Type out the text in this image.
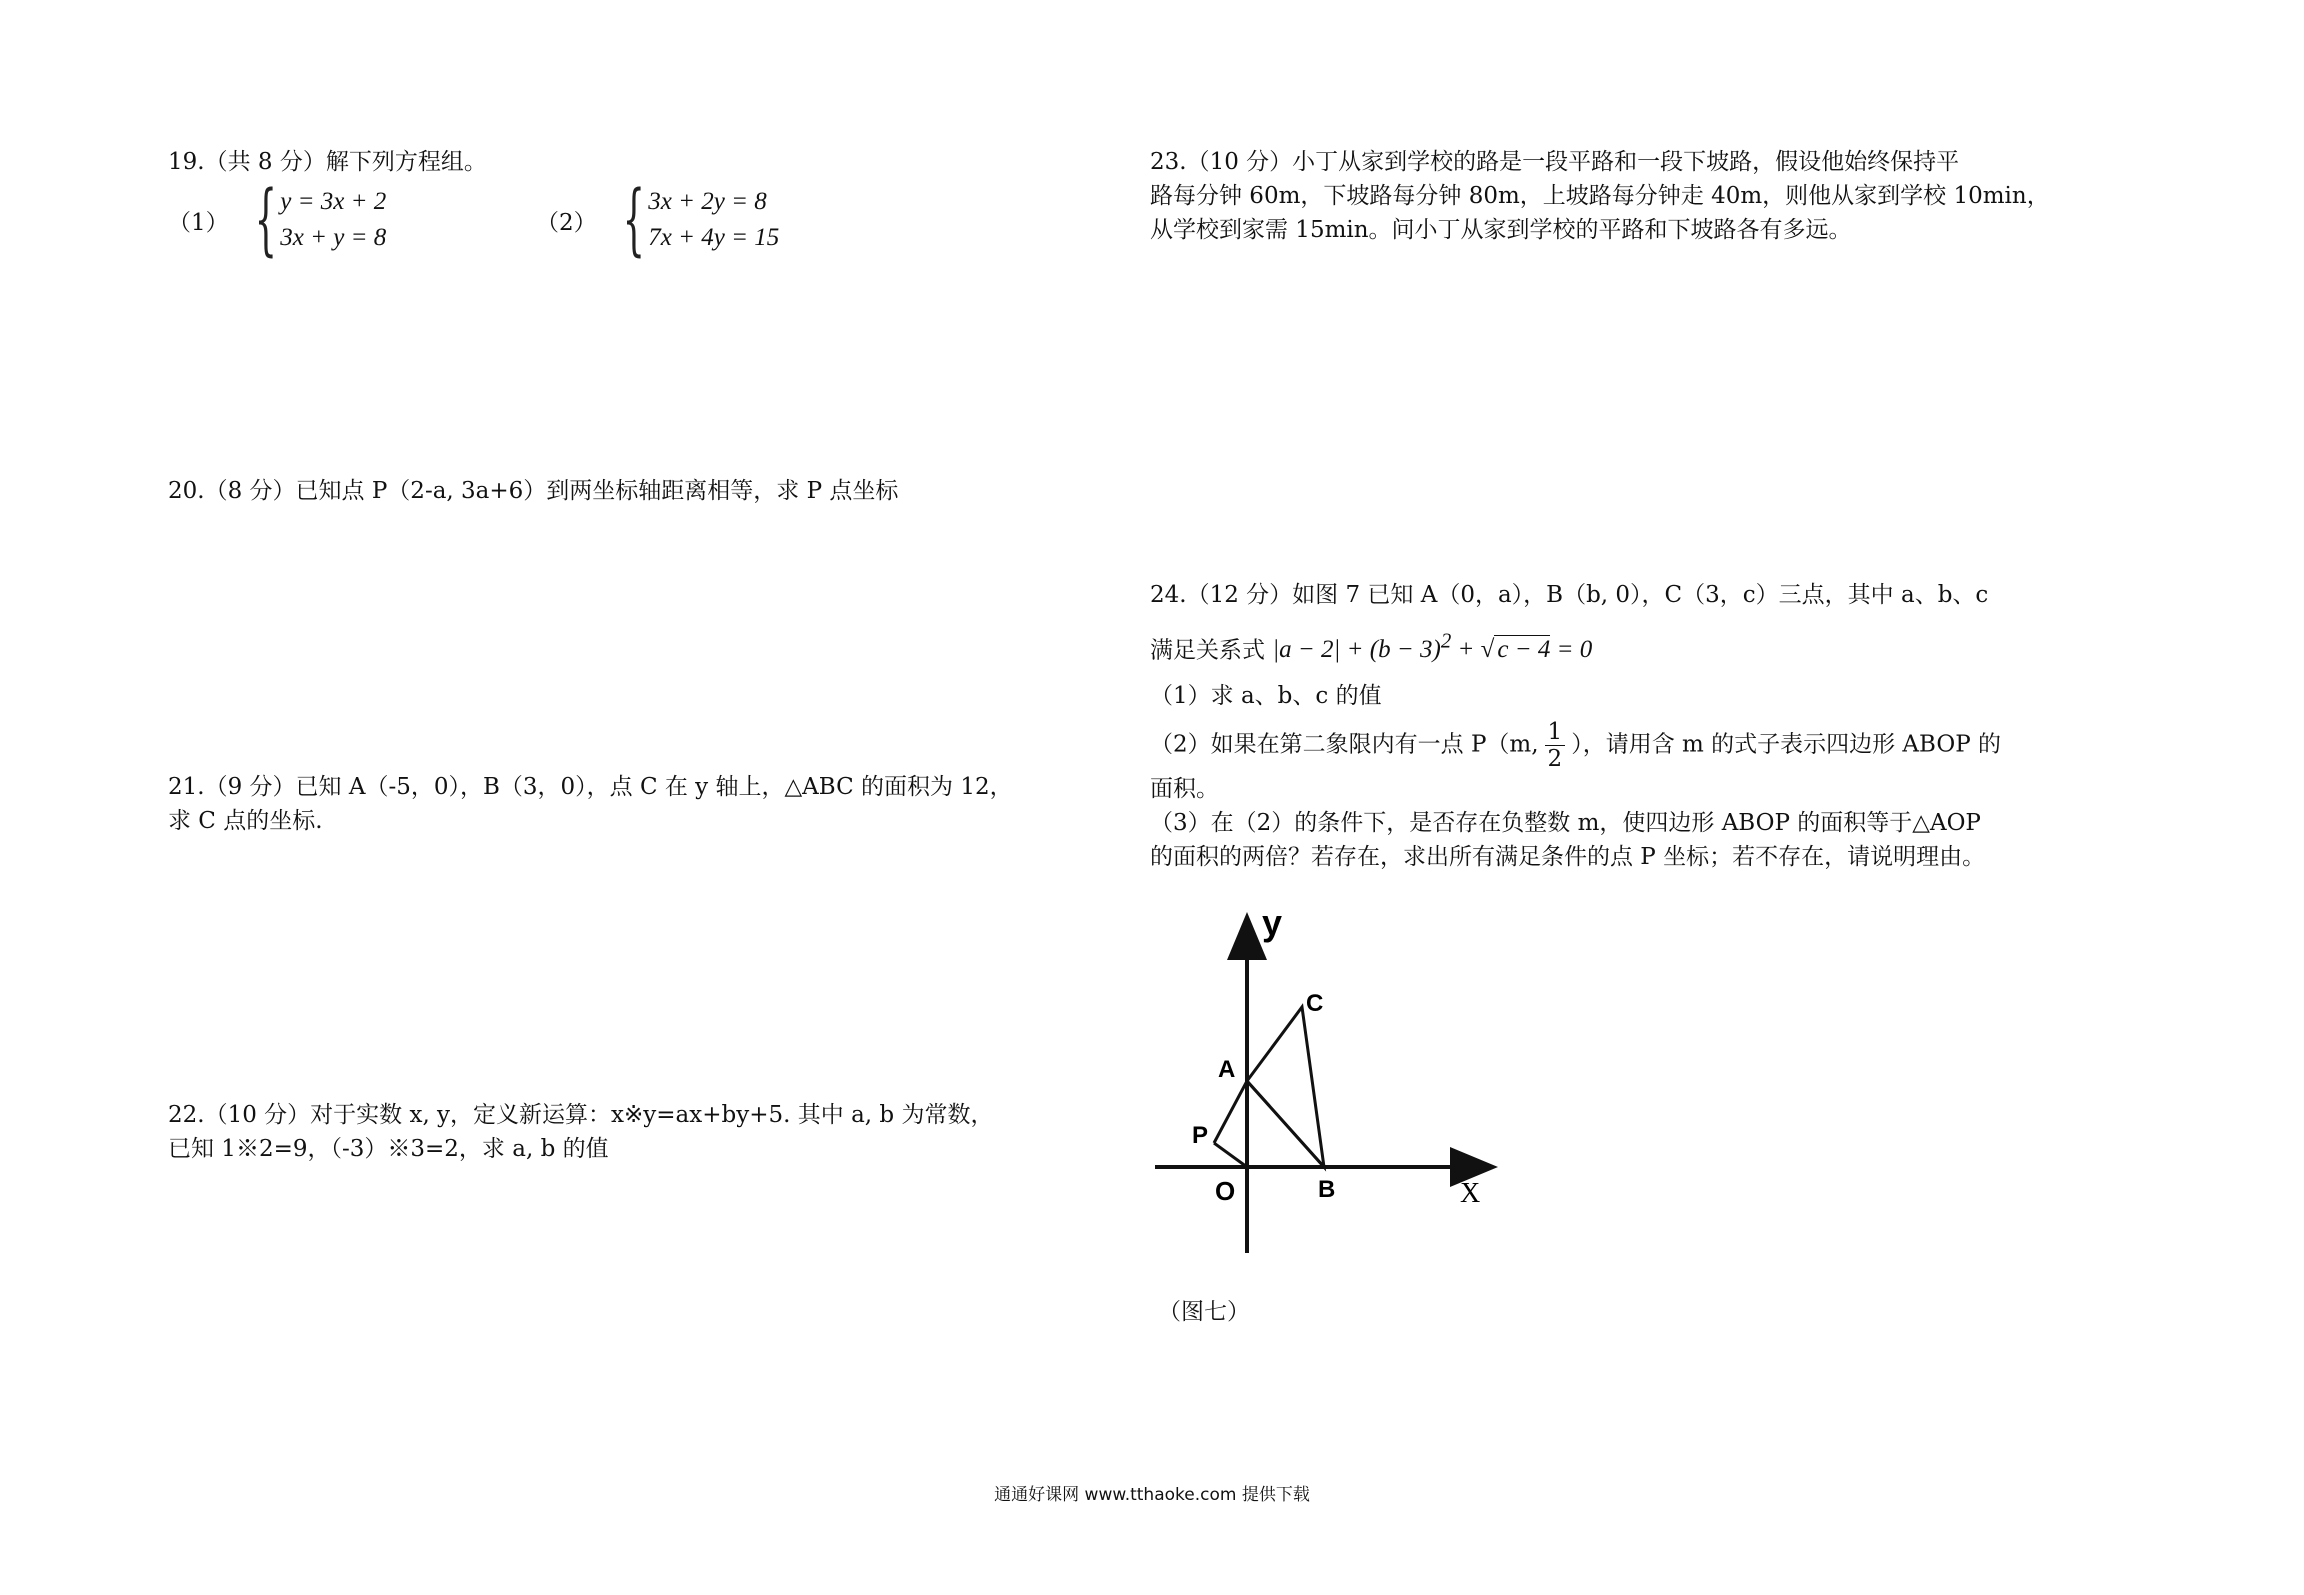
19.（共 8 分）解下列方程组。
（1） { y = 3x + 2
3x + y = 8
（2） { 3x + 2y = 8
7x + 4y = 15
20.（8 分）已知点 P（2-a, 3a+6）到两坐标轴距离相等，求 P 点坐标
21.（9 分）已知 A（-5，0），B（3，0），点 C 在 y 轴上，△ABC 的面积为 12，
求 C 点的坐标.
22.（10 分）对于实数 x, y，定义新运算：x※y=ax+by+5. 其中 a, b 为常数，
已知 1※2=9，（-3）※3=2，求 a, b 的值
23.（10 分）小丁从家到学校的路是一段平路和一段下坡路，假设他始终保持平
路每分钟 60m，下坡路每分钟 80m，上坡路每分钟走 40m，则他从家到学校 10min，
从学校到家需 15min。问小丁从家到学校的平路和下坡路各有多远。
24.（12 分）如图 7 已知 A（0，a），B（b, 0），C（3，c）三点，其中 a、b、c
满足关系式 $|a - 2| + (b - 3)^2$ + √ c − 4 = 0
（1）求 a、b、c 的值
（2）如果在第二象限内有一点 P（m, $\frac{1}{2}$ ），请用含 m 的式子表示四边形 ABOP 的
面积。
（3）在（2）的条件下，是否存在负整数 m，使四边形 ABOP 的面积等于△AOP
的面积的两倍？若存在，求出所有满足条件的点 P 坐标；若不存在，请说明理由。
y
X
O
A
B
C
P
（图七）
通通好课网 www.tthaoke.com 提供下载
